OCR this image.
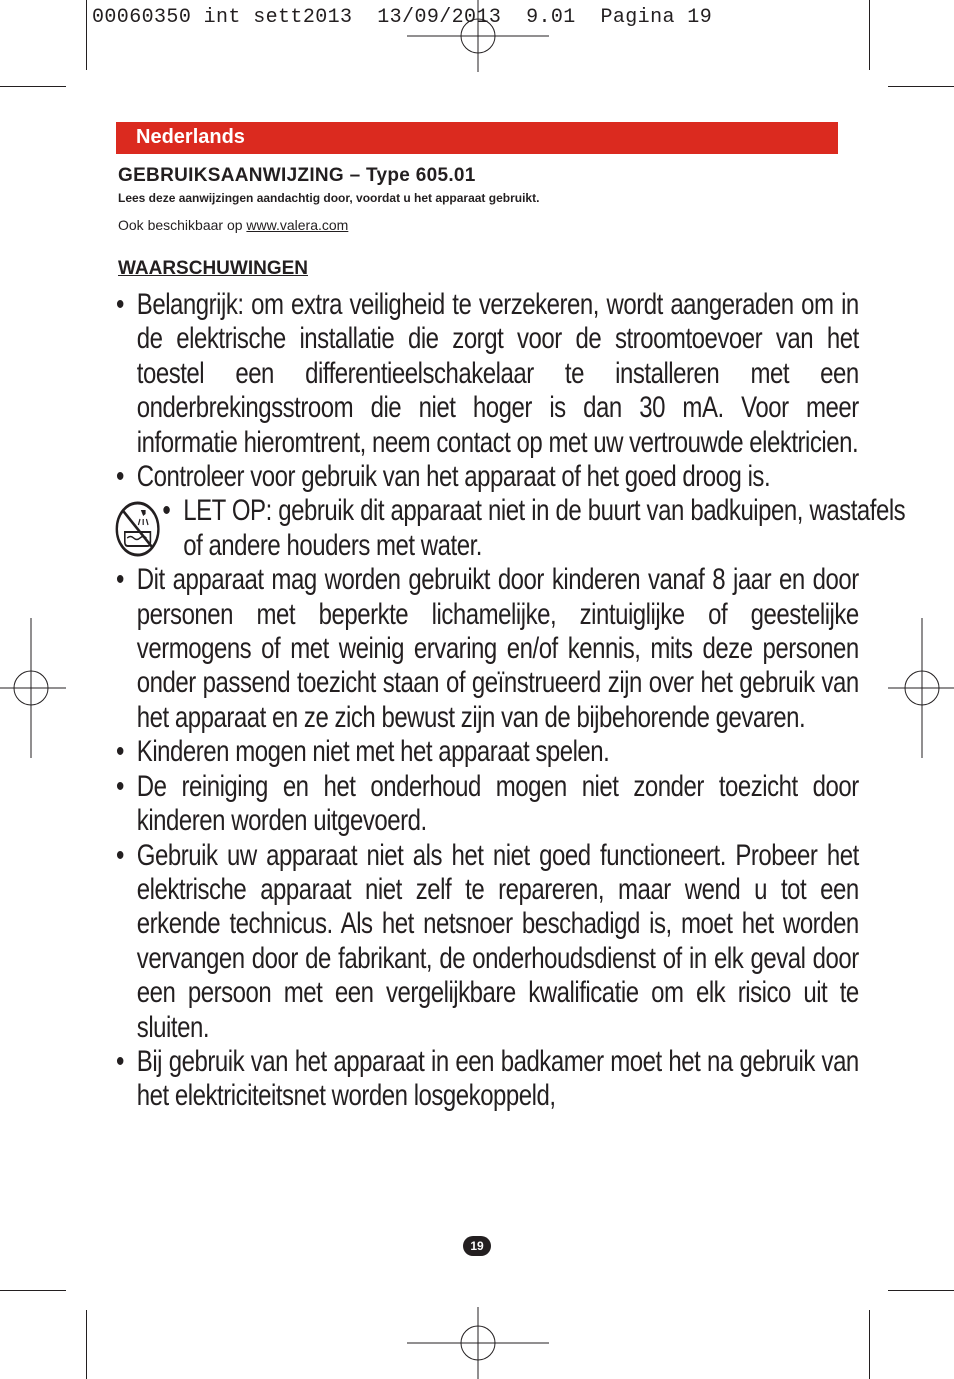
00060350 int sett2013  13/09/2013  9.01  Pagina 19
Nederlands
GEBRUIKSAANWIJZING – Type 605.01
Lees deze aanwijzingen aandachtig door, voordat u het apparaat gebruikt.
Ook beschikbaar op www.valera.com
WAARSCHUWINGEN
• Belangrijk: om extra veiligheid te verzekeren, wordt aangeraden om in de elektrische installatie die zorgt voor de stroomtoevoer van het toestel een differentieelschakelaar te installeren met een onderbrekingsstroom die niet hoger is dan 30 mA. Voor meer informatie hieromtrent, neem contact op met uw vertrouwde elektricien.
• Controleer voor gebruik van het apparaat of het goed droog is.
• LET OP: gebruik dit apparaat niet in de buurt van badkuipen, wastafels of andere houders met water.
• Dit apparaat mag worden gebruikt door kinderen vanaf 8 jaar en door personen met beperkte lichamelijke, zintuiglijke of geestelijke vermogens of met weinig ervaring en/of kennis, mits deze personen onder passend toezicht staan of geïnstrueerd zijn over het gebruik van het apparaat en ze zich bewust zijn van de bijbehorende gevaren.
• Kinderen mogen niet met het apparaat spelen.
• De reiniging en het onderhoud mogen niet zonder toezicht door kinderen worden uitgevoerd.
• Gebruik uw apparaat niet als het niet goed functioneert. Probeer het elektrische apparaat niet zelf te repareren, maar wend u tot een erkende technicus. Als het netsnoer beschadigd is, moet het worden vervangen door de fabrikant, de onderhoudsdienst of in elk geval door een persoon met een vergelijkbare kwalificatie om elk risico uit te sluiten.
• Bij gebruik van het apparaat in een badkamer moet het na gebruik van het elektriciteitsnet worden losgekoppeld,
19
